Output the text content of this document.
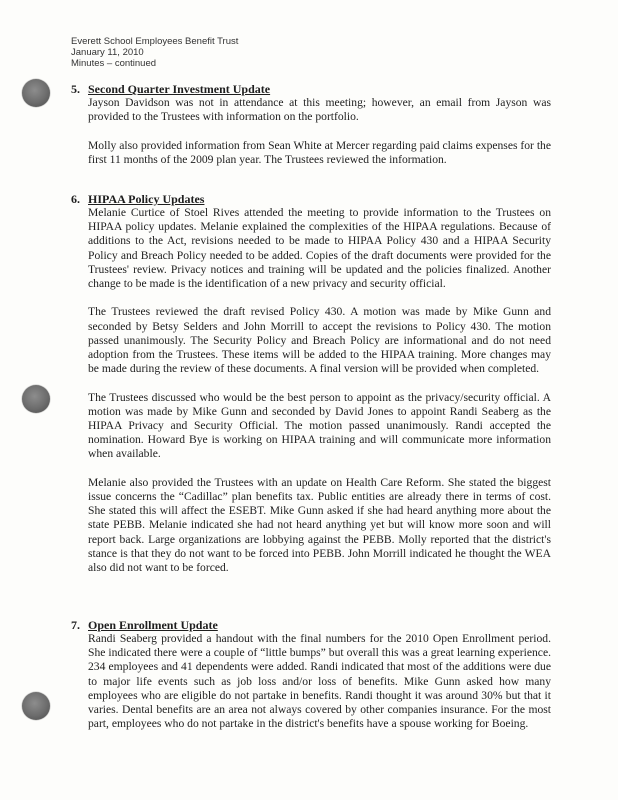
Everett School Employees Benefit Trust
January 11, 2010
Minutes – continued
5. Second Quarter Investment Update

Jayson Davidson was not in attendance at this meeting; however, an email from Jayson was provided to the Trustees with information on the portfolio.

Molly also provided information from Sean White at Mercer regarding paid claims expenses for the first 11 months of the 2009 plan year. The Trustees reviewed the information.

6. HIPAA Policy Updates

Melanie Curtice of Stoel Rives attended the meeting to provide information to the Trustees on HIPAA policy updates. Melanie explained the complexities of the HIPAA regulations. Because of additions to the Act, revisions needed to be made to HIPAA Policy 430 and a HIPAA Security Policy and Breach Policy needed to be added. Copies of the draft documents were provided for the Trustees' review. Privacy notices and training will be updated and the policies finalized. Another change to be made is the identification of a new privacy and security official.

The Trustees reviewed the draft revised Policy 430. A motion was made by Mike Gunn and seconded by Betsy Selders and John Morrill to accept the revisions to Policy 430. The motion passed unanimously. The Security Policy and Breach Policy are informational and do not need adoption from the Trustees. These items will be added to the HIPAA training. More changes may be made during the review of these documents. A final version will be provided when completed.

The Trustees discussed who would be the best person to appoint as the privacy/security official. A motion was made by Mike Gunn and seconded by David Jones to appoint Randi Seaberg as the HIPAA Privacy and Security Official. The motion passed unanimously. Randi accepted the nomination. Howard Bye is working on HIPAA training and will communicate more information when available.

Melanie also provided the Trustees with an update on Health Care Reform. She stated the biggest issue concerns the “Cadillac” plan benefits tax. Public entities are already there in terms of cost. She stated this will affect the ESEBT. Mike Gunn asked if she had heard anything more about the state PEBB. Melanie indicated she had not heard anything yet but will know more soon and will report back. Large organizations are lobbying against the PEBB. Molly reported that the district's stance is that they do not want to be forced into PEBB. John Morrill indicated he thought the WEA also did not want to be forced.

7. Open Enrollment Update

Randi Seaberg provided a handout with the final numbers for the 2010 Open Enrollment period. She indicated there were a couple of “little bumps” but overall this was a great learning experience. 234 employees and 41 dependents were added. Randi indicated that most of the additions were due to major life events such as job loss and/or loss of benefits. Mike Gunn asked how many employees who are eligible do not partake in benefits. Randi thought it was around 30% but that it varies. Dental benefits are an area not always covered by other companies insurance. For the most part, employees who do not partake in the district's benefits have a spouse working for Boeing.
